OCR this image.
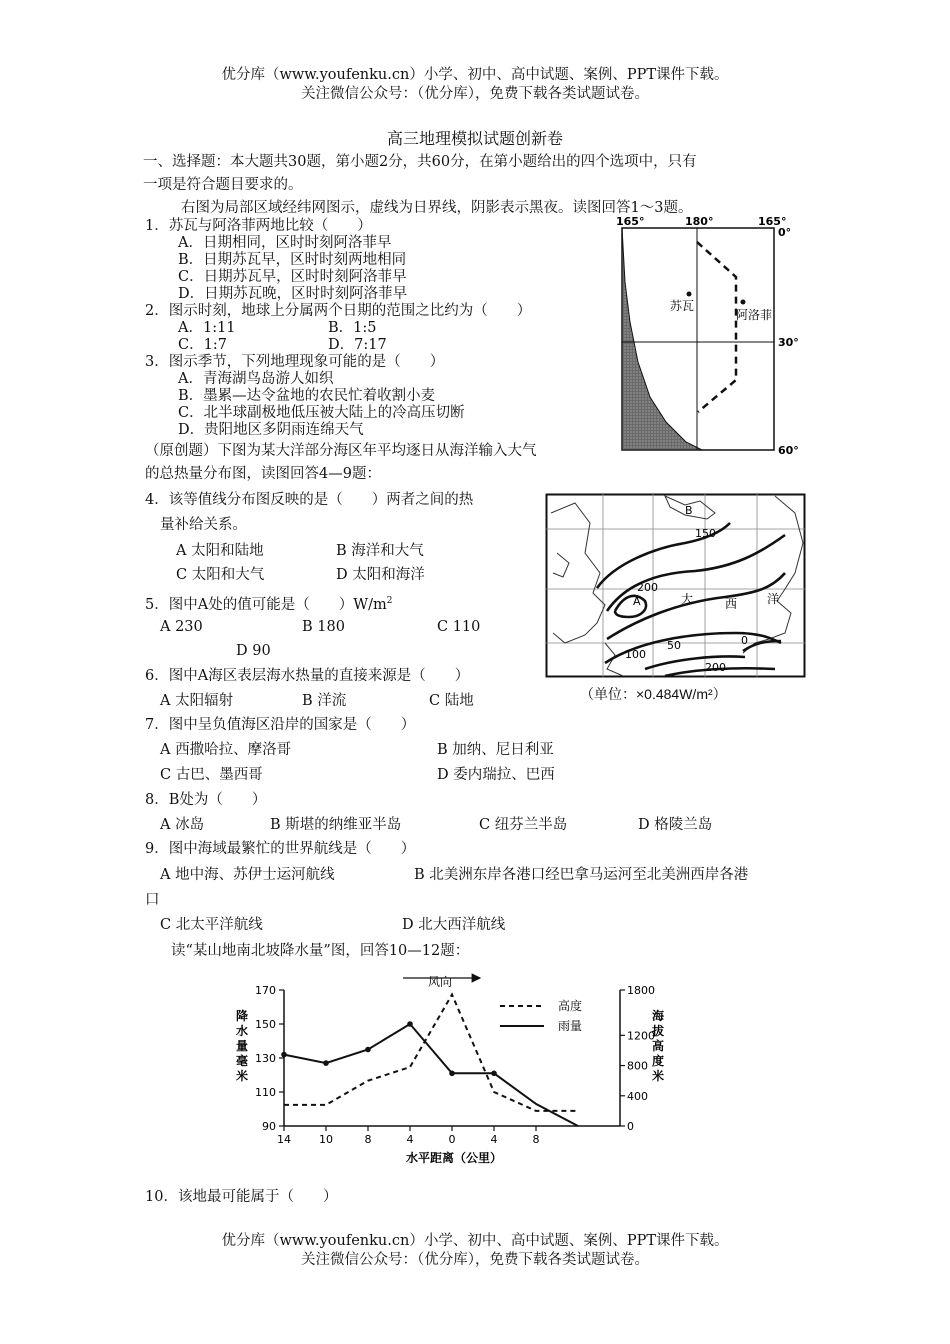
优分库（www.youfenku.cn）小学、初中、高中试题、案例、PPT课件下载。
关注微信公众号：（优分库），免费下载各类试题试卷。
高三地理模拟试题创新卷
一、选择题：本大题共30题，第小题2分，共60分，在第小题给出的四个选项中，只有
一项是符合题目要求的。
右图为局部区域经纬网图示，虚线为日界线，阴影表示黑夜。读图回答1～3题。
1．苏瓦与阿洛菲两地比较（　　）
A．日期相同，区时时刻阿洛菲早
B．日期苏瓦早，区时时刻两地相同
C．日期苏瓦早，区时时刻阿洛菲早
D．日期苏瓦晚，区时时刻阿洛菲早
2．图示时刻，地球上分属两个日期的范围之比约为（　　）
A．1:11	B．1:5
C．1:7	D．7:17
3．图示季节，下列地理现象可能的是（　　）
A．青海湖鸟岛游人如织
B．墨累—达令盆地的农民忙着收割小麦
C．北半球副极地低压被大陆上的冷高压切断
D．贵阳地区多阴雨连绵天气
（原创题）下图为某大洋部分海区年平均逐日从海洋输入大气
的总热量分布图，读图回答4—9题：
4．该等值线分布图反映的是（　　）两者之间的热
量补给关系。
A 太阳和陆地	B 海洋和大气
C 太阳和大气	D 太阳和海洋
5．图中A处的值可能是（　　）$W/m^2$
A 230	B 180	C 110
D 90
6．图中A海区表层海水热量的直接来源是（　　）
A 太阳辐射	B 洋流	C 陆地
7．图中呈负值海区沿岸的国家是（　　）
A 西撒哈拉、摩洛哥	B 加纳、尼日利亚
C 古巴、墨西哥	D 委内瑞拉、巴西
8．B处为（　　）
A 冰岛	B 斯堪的纳维亚半岛	C 纽芬兰半岛	D 格陵兰岛
9．图中海域最繁忙的世界航线是（　　）
A 地中海、苏伊士运河航线	B 北美洲东岸各港口经巴拿马运河至北美洲西岸各港
口
C 北太平洋航线	D 北大西洋航线
读“某山地南北坡降水量”图，回答10—12题：
10．该地最可能属于（　　）
优分库（www.youfenku.cn）小学、初中、高中试题、案例、PPT课件下载。
关注微信公众号：（优分库），免费下载各类试题试卷。
苏瓦
阿洛菲
165°	180°	165°
0°
30°
60°
B
A
150
200
100
50	0
200
大	西 洋
（单位：×0.484W/m²）
风向
90
110
130
150
170
0
400
800
1200
1800
14	10	8	4	0	4	8
高度
雨量
水平距离（公里）
降水量毫米
海拔高度米
